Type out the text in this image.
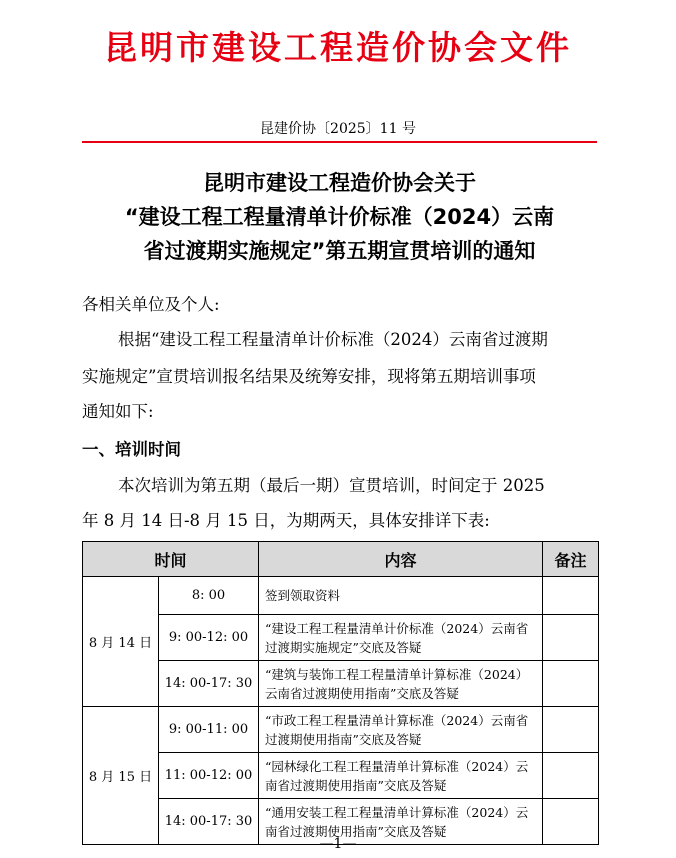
昆明市建设工程造价协会文件
昆建价协〔2025〕11 号
昆明市建设工程造价协会关于
“建设工程工程量清单计价标准（2024）云南
省过渡期实施规定”第五期宣贯培训的通知
各相关单位及个人:
根据“建设工程工程量清单计价标准（2024）云南省过渡期
实施规定”宣贯培训报名结果及统筹安排，现将第五期培训事项
通知如下:
一、培训时间
本次培训为第五期（最后一期）宣贯培训，时间定于 2025
年 8 月 14 日-8 月 15 日，为期两天，具体安排详下表:
时间		内容	备注
8 月 14 日	8: 00	签到领取资料	
	9: 00-12: 00	“建设工程工程量清单计价标准（2024）云南省过渡期实施规定”交底及答疑	
	14: 00-17: 30	“建筑与装饰工程工程量清单计算标准（2024）云南省过渡期使用指南”交底及答疑	
8 月 15 日	9: 00-11: 00	“市政工程工程量清单计算标准（2024）云南省过渡期使用指南”交底及答疑	
	11: 00-12: 00	“园林绿化工程工程量清单计算标准（2024）云南省过渡期使用指南”交底及答疑	
	14: 00-17: 30	“通用安装工程工程量清单计算标准（2024）云南省过渡期使用指南”交底及答疑	
—1—
